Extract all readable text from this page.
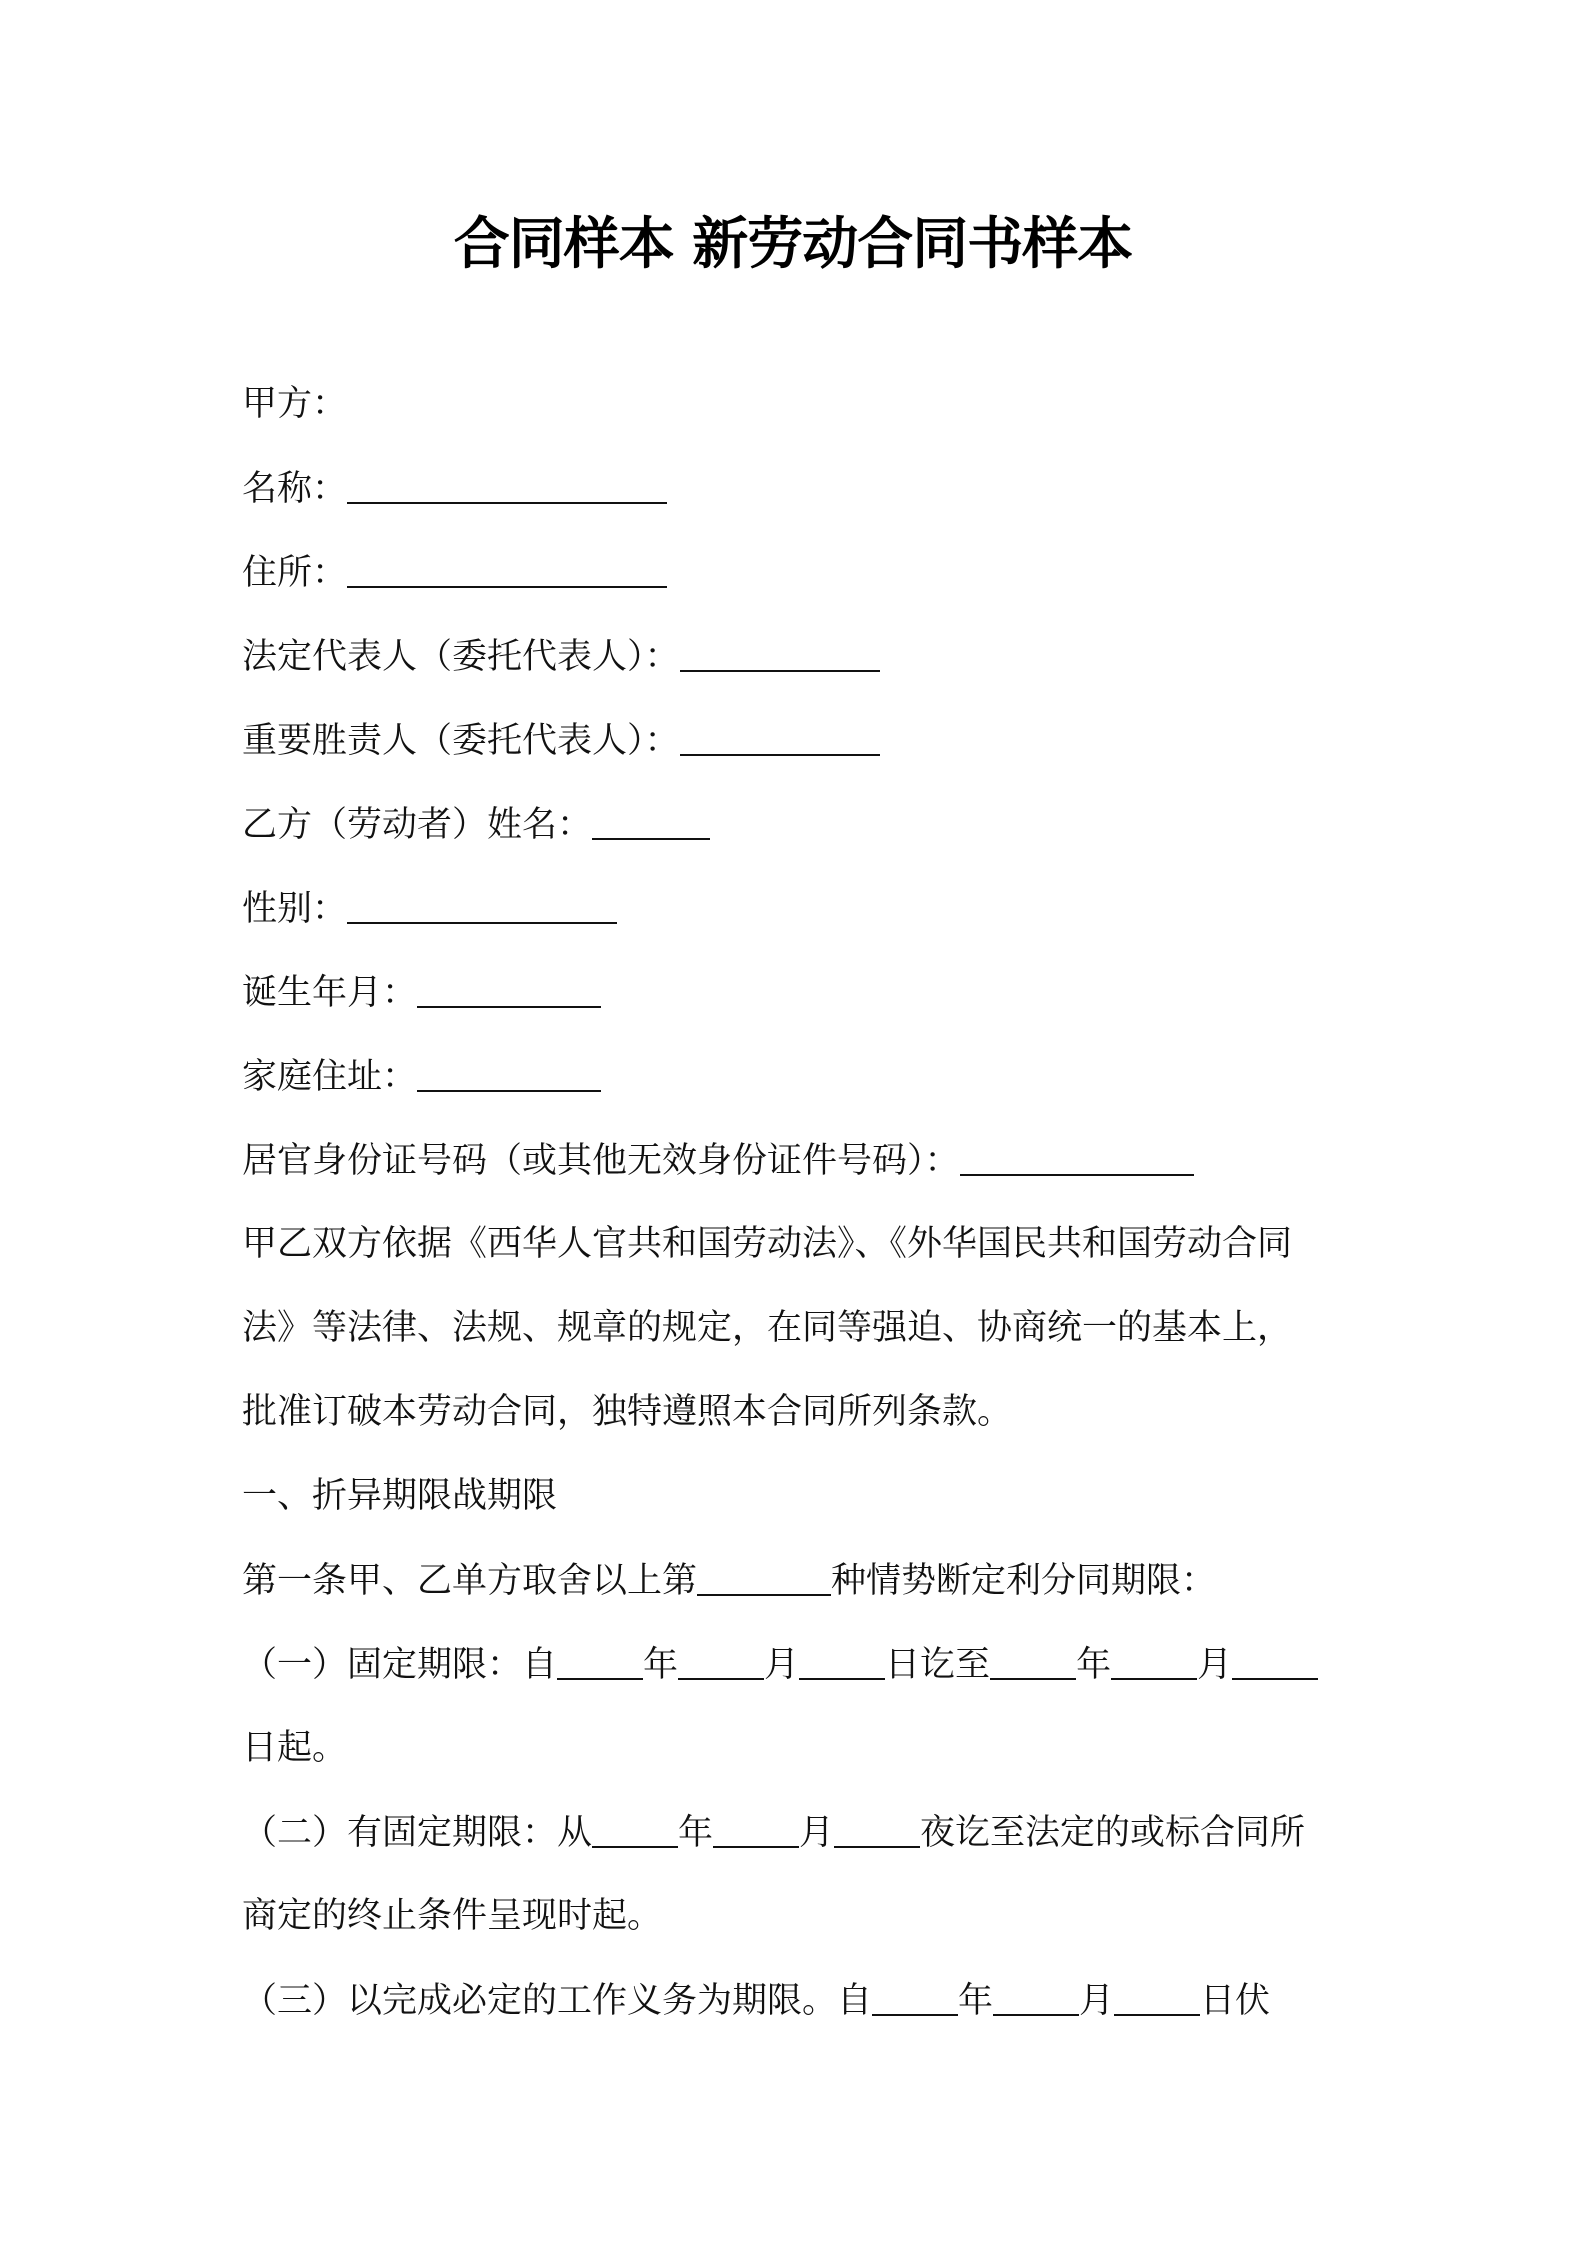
合同样本 新劳动合同书样本
甲方：
名称：
住所：
法定代表人（委托代表人）：
重要胜责人（委托代表人）：
乙方（劳动者）姓名：
性别：
诞生年月：
家庭住址：
居官身份证号码（或其他无效身份证件号码）：
甲乙双方依据《西华人官共和国劳动法》、《外华国民共和国劳动合同
法》等法律、法规、规章的规定，在同等强迫、协商统一的基本上，
批准订破本劳动合同，独特遵照本合同所列条款。
一、折异期限战期限
第一条甲、乙单方取舍以上第	种情势断定利分同期限：
（一）固定期限：自 年 月 日讫至 年 月
日起。
（二）有固定期限：从 年 月 夜讫至法定的或标合同所
商定的终止条件呈现时起。
（三）以完成必定的工作义务为期限。自 年 月 日伏
